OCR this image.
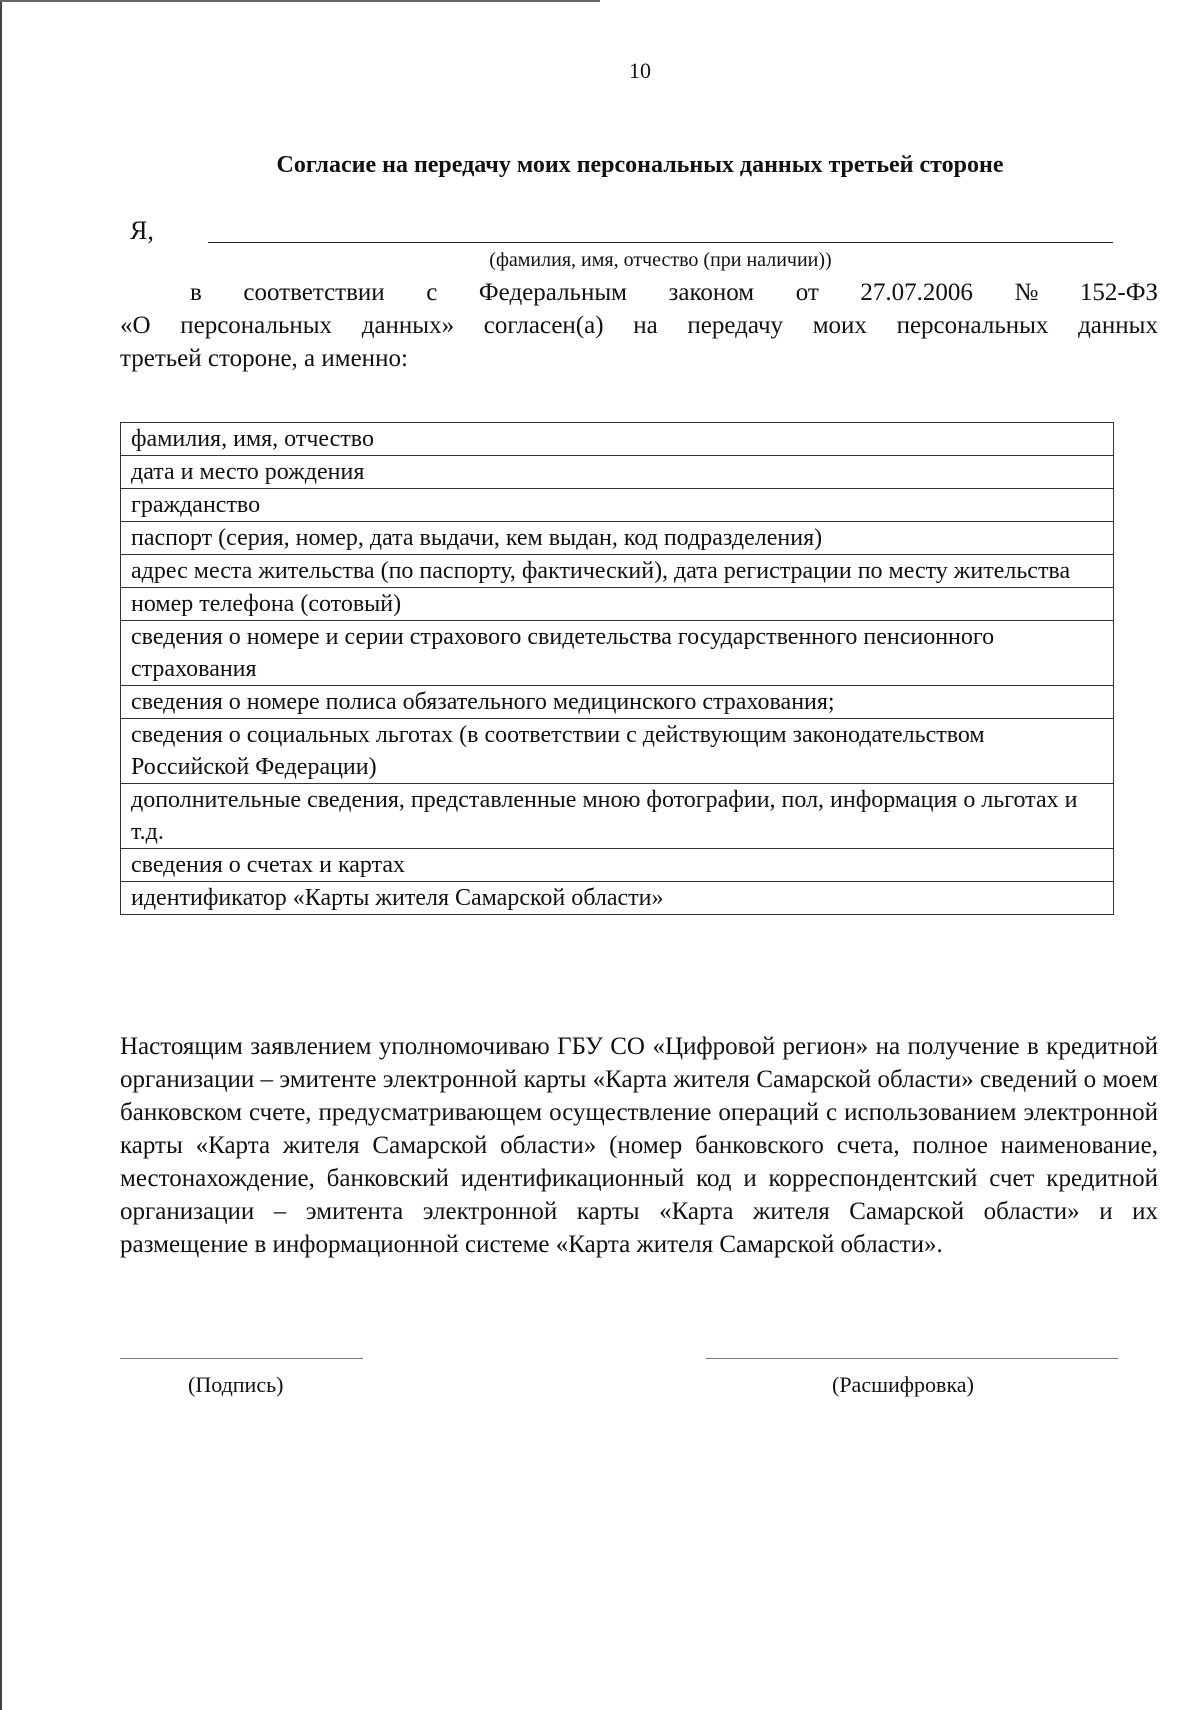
10
Согласие на передачу моих персональных данных третьей стороне
Я,
(фамилия, имя, отчество (при наличии))
в соответствии с Федеральным законом от 27.07.2006 № 152-ФЗ
«О персональных данных» согласен(а) на передачу моих персональных данных
третьей стороне, а именно:
фамилия, имя, отчество
дата и место рождения
гражданство
паспорт (серия, номер, дата выдачи, кем выдан, код подразделения)
адрес места жительства (по паспорту, фактический), дата регистрации по месту жительства
номер телефона (сотовый)
сведения о номере и серии страхового свидетельства государственного пенсионного страхования
сведения о номере полиса обязательного медицинского страхования;
сведения о социальных льготах (в соответствии с действующим законодательством Российской Федерации)
дополнительные сведения, представленные мною фотографии, пол, информация о льготах и т.д.
сведения о счетах и картах
идентификатор «Карты жителя Самарской области»
Настоящим заявлением уполномочиваю ГБУ СО «Цифровой регион» на получение в кредитной организации – эмитенте электронной карты «Карта жителя Самарской области» сведений о моем банковском счете, предусматривающем осуществление операций с использованием электронной карты «Карта жителя Самарской области» (номер банковского счета, полное наименование, местонахождение, банковский идентификационный код и корреспондентский счет кредитной организации – эмитента электронной карты «Карта жителя Самарской области» и их размещение в информационной системе «Карта жителя Самарской области».
(Подпись)	(Расшифровка)
